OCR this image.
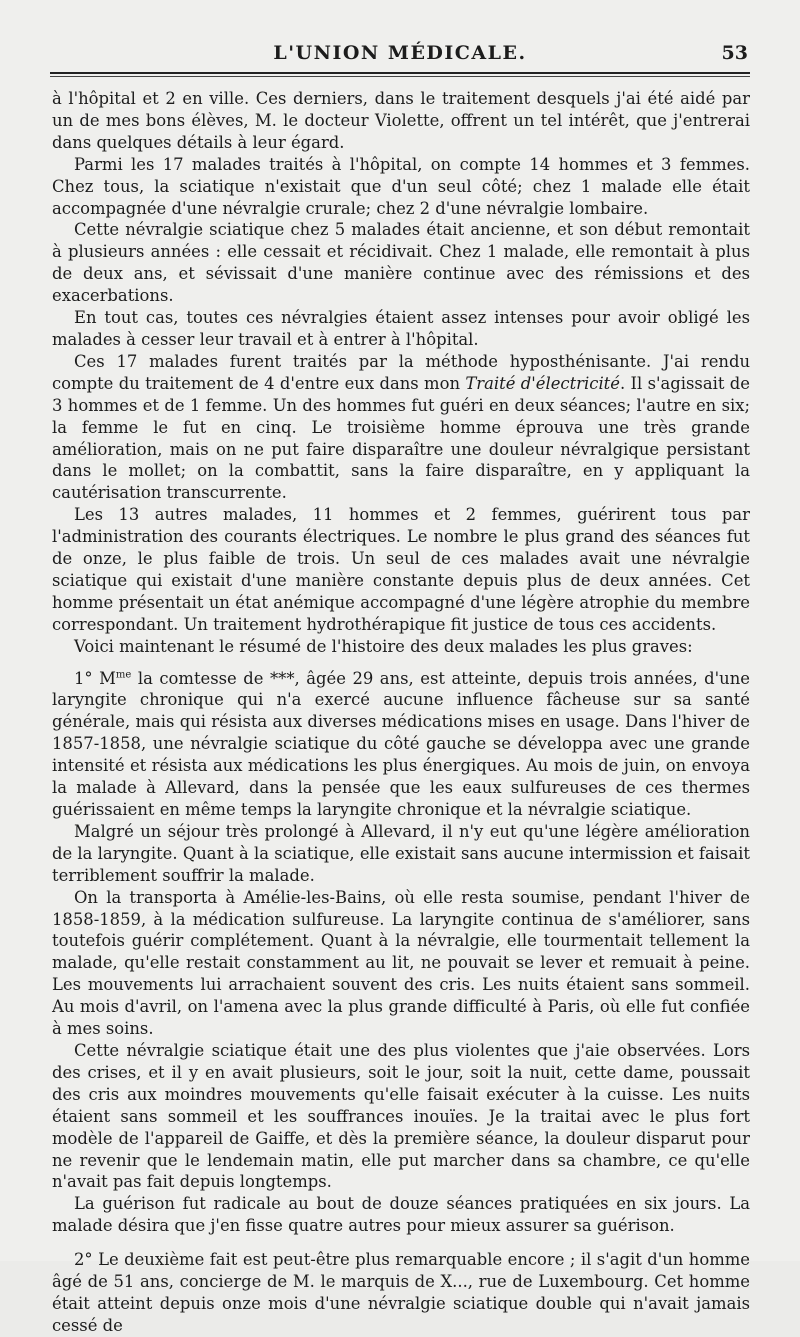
L'UNION MÉDICALE.	53

à l'hôpital et 2 en ville. Ces derniers, dans le traitement desquels j'ai été aidé par un de mes bons élèves, M. le docteur Violette, offrent un tel intérêt, que j'entrerai dans quelques détails à leur égard.

Parmi les 17 malades traités à l'hôpital, on compte 14 hommes et 3 femmes. Chez tous, la sciatique n'existait que d'un seul côté; chez 1 malade elle était accompagnée d'une névralgie crurale; chez 2 d'une névralgie lombaire.

Cette névralgie sciatique chez 5 malades était ancienne, et son début remontait à plusieurs années : elle cessait et récidivait. Chez 1 malade, elle remontait à plus de deux ans, et sévissait d'une manière continue avec des rémissions et des exacerbations.

En tout cas, toutes ces névralgies étaient assez intenses pour avoir obligé les malades à cesser leur travail et à entrer à l'hôpital.

Ces 17 malades furent traités par la méthode hyposthénisante. J'ai rendu compte du traitement de 4 d'entre eux dans mon Traité d'électricité. Il s'agissait de 3 hommes et de 1 femme. Un des hommes fut guéri en deux séances; l'autre en six; la femme le fut en cinq. Le troisième homme éprouva une très grande amélioration, mais on ne put faire disparaître une douleur névralgique persistant dans le mollet; on la combattit, sans la faire disparaître, en y appliquant la cautérisation transcurrente.

Les 13 autres malades, 11 hommes et 2 femmes, guérirent tous par l'administration des courants électriques. Le nombre le plus grand des séances fut de onze, le plus faible de trois. Un seul de ces malades avait une névralgie sciatique qui existait d'une manière constante depuis plus de deux années. Cet homme présentait un état anémique accompagné d'une légère atrophie du membre correspondant. Un traitement hydrothérapique fit justice de tous ces accidents.

Voici maintenant le résumé de l'histoire des deux malades les plus graves:

1° $M^{me}$ la comtesse de ***, âgée 29 ans, est atteinte, depuis trois années, d'une laryngite chronique qui n'a exercé aucune influence fâcheuse sur sa santé générale, mais qui résista aux diverses médications mises en usage. Dans l'hiver de 1857-1858, une névralgie sciatique du côté gauche se développa avec une grande intensité et résista aux médications les plus énergiques. Au mois de juin, on envoya la malade à Allevard, dans la pensée que les eaux sulfureuses de ces thermes guérissaient en même temps la laryngite chronique et la névralgie sciatique.

Malgré un séjour très prolongé à Allevard, il n'y eut qu'une légère amélioration de la laryngite. Quant à la sciatique, elle existait sans aucune intermission et faisait terriblement souffrir la malade.

On la transporta à Amélie-les-Bains, où elle resta soumise, pendant l'hiver de 1858-1859, à la médication sulfureuse. La laryngite continua de s'améliorer, sans toutefois guérir complétement. Quant à la névralgie, elle tourmentait tellement la malade, qu'elle restait constamment au lit, ne pouvait se lever et remuait à peine. Les mouvements lui arrachaient souvent des cris. Les nuits étaient sans sommeil. Au mois d'avril, on l'amena avec la plus grande difficulté à Paris, où elle fut confiée à mes soins.

Cette névralgie sciatique était une des plus violentes que j'aie observées. Lors des crises, et il y en avait plusieurs, soit le jour, soit la nuit, cette dame, poussait des cris aux moindres mouvements qu'elle faisait exécuter à la cuisse. Les nuits étaient sans sommeil et les souffrances inouïes. Je la traitai avec le plus fort modèle de l'appareil de Gaiffe, et dès la première séance, la douleur disparut pour ne revenir que le lendemain matin, elle put marcher dans sa chambre, ce qu'elle n'avait pas fait depuis longtemps.

La guérison fut radicale au bout de douze séances pratiquées en six jours. La malade désira que j'en fisse quatre autres pour mieux assurer sa guérison.

2° Le deuxième fait est peut-être plus remarquable encore ; il s'agit d'un homme âgé de 51 ans, concierge de M. le marquis de X..., rue de Luxembourg. Cet homme était atteint depuis onze mois d'une névralgie sciatique double qui n'avait jamais cessé de
